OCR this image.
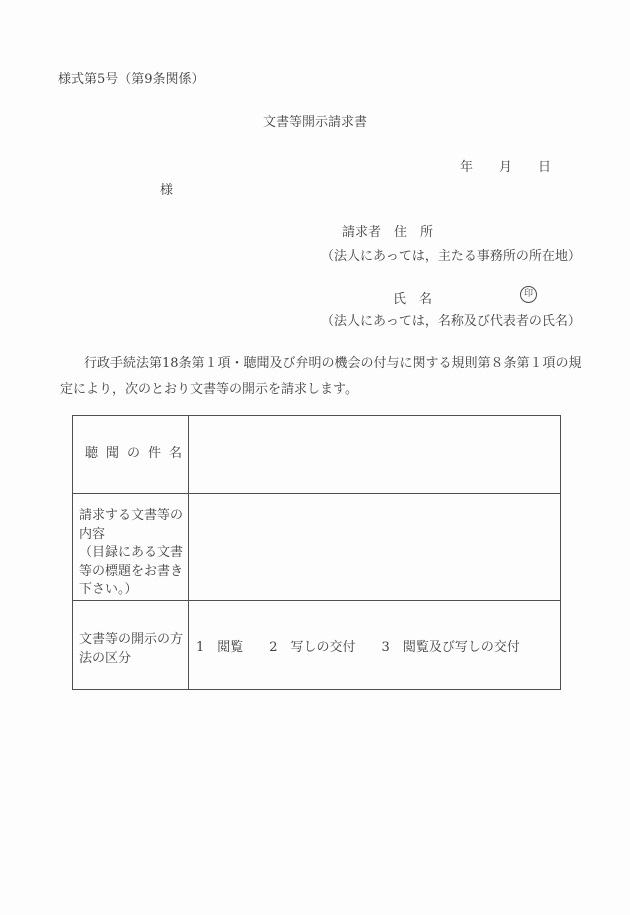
様式第5号（第9条関係）
文書等開示請求書
年　　月　　日
様
請求者　住　所
（法人にあっては，主たる事務所の所在地）
氏　名	印
（法人にあっては，名称及び代表者の氏名）
行政手続法第18条第１項・聴聞及び弁明の機会の付与に関する規則第８条第１項の規
定により，次のとおり文書等の開示を請求します。
聴 聞 の 件 名
請求する文書等の
内容
（目録にある文書
等の標題をお書き
下さい。）
文書等の開示の方
法の区分
1　閲覧　　2　写しの交付　　3　閲覧及び写しの交付
